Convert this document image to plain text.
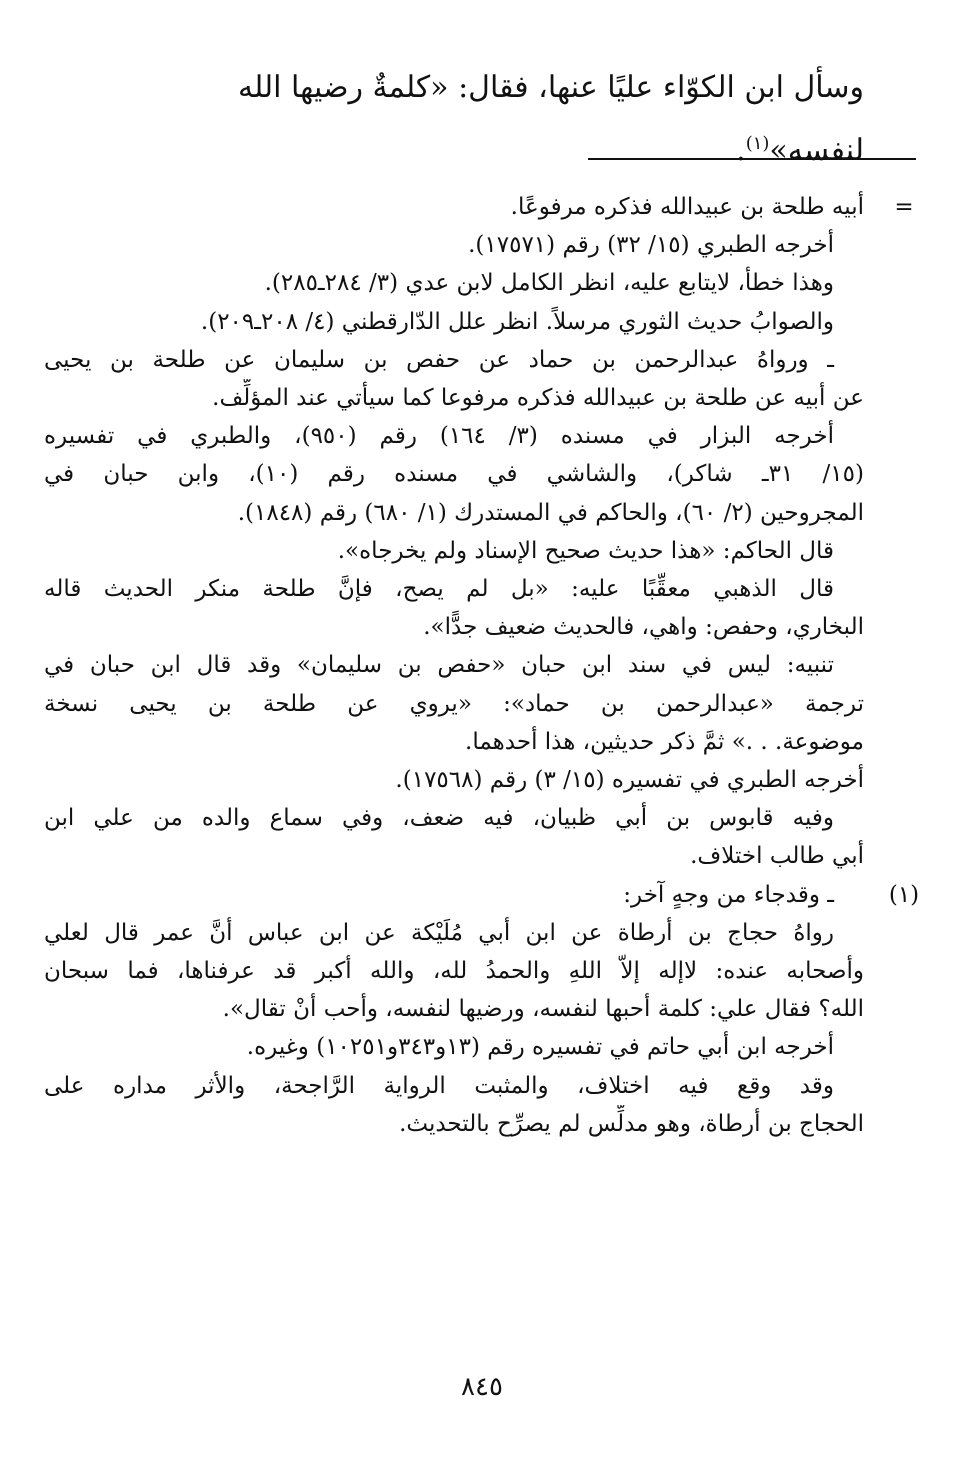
وسأل ابن الكوّاء عليًا عنها، فقال: «كلمةٌ رضيها الله لنفسه»$^{(١)}$.
=
(١)
أبيه طلحة بن عبيدالله فذكره مرفوعًا.
أخرجه الطبري (١٥/ ٣٢) رقم (١٧٥٧١).
وهذا خطأ، لايتابع عليه، انظر الكامل لابن عدي (٣/ ٢٨٤ـ٢٨٥).
والصوابُ حديث الثوري مرسلاً. انظر علل الدّارقطني (٤/ ٢٠٨ـ٢٠٩).
ـ ورواهُ عبدالرحمن بن حماد عن حفص بن سليمان عن طلحة بن يحيى
عن أبيه عن طلحة بن عبيدالله فذكره مرفوعا كما سيأتي عند المؤلِّف.
أخرجه البزار في مسنده (٣/ ١٦٤) رقم (٩٥٠)، والطبري في تفسيره
(١٥/ ٣١ـ شاكر)، والشاشي في مسنده رقم (١٠)، وابن حبان في
المجروحين (٢/ ٦٠)، والحاكم في المستدرك (١/ ٦٨٠) رقم (١٨٤٨).
قال الحاكم: «هذا حديث صحيح الإسناد ولم يخرجاه».
قال الذهبي معقِّبًا عليه: «بل لم يصح، فإنَّ طلحة منكر الحديث قاله
البخاري، وحفص: واهي، فالحديث ضعيف جدًّا».
تنبيه: ليس في سند ابن حبان «حفص بن سليمان» وقد قال ابن حبان في
ترجمة «عبدالرحمن بن حماد»: «يروي عن طلحة بن يحيى نسخة
موضوعة. . .» ثمَّ ذكر حديثين، هذا أحدهما.
أخرجه الطبري في تفسيره (١٥/ ٣) رقم (١٧٥٦٨).
وفيه قابوس بن أبي ظبيان، فيه ضعف، وفي سماع والده من علي ابن
أبي طالب اختلاف.
ـ وقدجاء من وجهٍ آخر:
رواهُ حجاج بن أرطاة عن ابن أبي مُلَيْكة عن ابن عباس أنَّ عمر قال لعلي
وأصحابه عنده: لاإله إلاّ اللهِ والحمدُ لله، والله أكبر قد عرفناها، فما سبحان
الله؟ فقال علي: كلمة أحبها لنفسه، ورضيها لنفسه، وأحب أنْ تقال».
أخرجه ابن أبي حاتم في تفسيره رقم (١٣و٣٤٣و١٠٢٥١) وغيره.
وقد وقع فيه اختلاف، والمثبت الرواية الرَّاجحة، والأثر مداره على
الحجاج بن أرطاة، وهو مدلِّس لم يصرِّح بالتحديث.
٨٤٥
